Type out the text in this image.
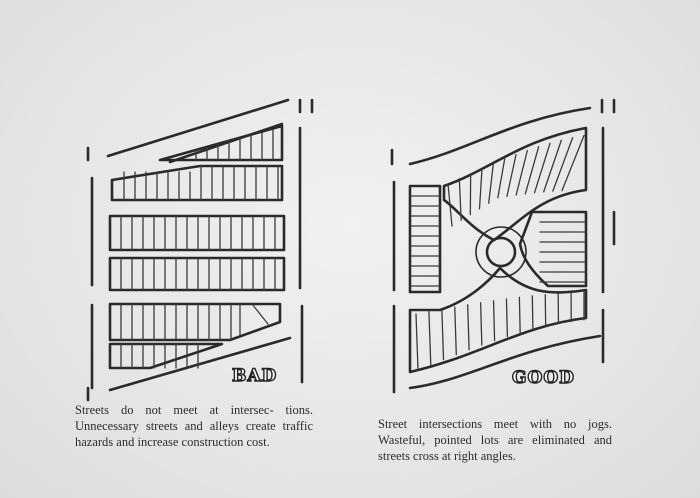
BAD	GOOD
Streets do not meet at intersec- tions. Unnecessary streets and alleys create traffic hazards and increase construction cost.
Street intersections meet with no jogs. Wasteful, pointed lots are eliminated and streets cross at right angles.
